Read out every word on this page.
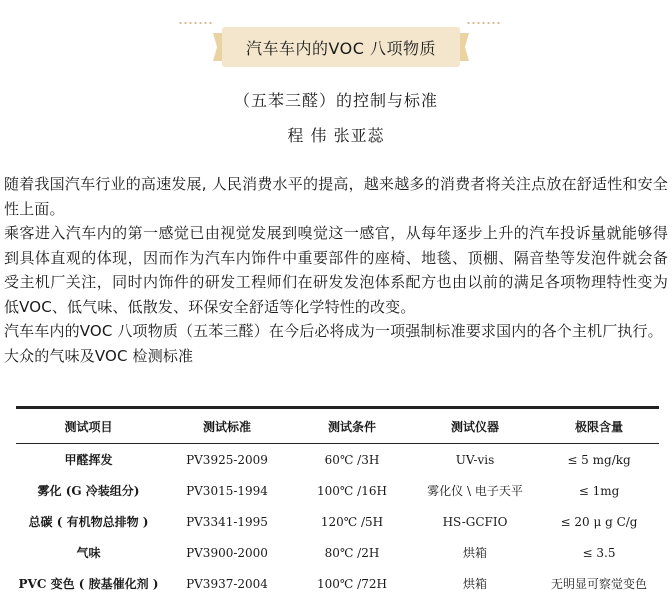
汽车车内的VOC 八项物质
（五苯三醛）的控制与标准
程 伟 张亚蕊

随着我国汽车行业的高速发展, 人民消费水平的提高，越来越多的消费者将关注点放在舒适性和安全性上面。

乘客进入汽车内的第一感觉已由视觉发展到嗅觉这一感官，从每年逐步上升的汽车投诉量就能够得到具体直观的体现，因而作为汽车内饰件中重要部件的座椅、地毯、顶棚、隔音垫等发泡件就会备受主机厂关注，同时内饰件的研发工程师们在研发发泡体系配方也由以前的满足各项物理特性变为低VOC、低气味、低散发、环保安全舒适等化学特性的改变。

汽车车内的VOC 八项物质（五苯三醛）在今后必将成为一项强制标准要求国内的各个主机厂执行。

大众的气味及VOC 检测标准

测试项目	测试标准	测试条件	测试仪器	极限含量
甲醛挥发	PV3925-2009	60℃ /3H	UV-vis	≤ 5 mg/kg
雾化 (G 冷装组分)	PV3015-1994	100℃ /16H	雾化仪 \ 电子天平	≤ 1mg
总碳 ( 有机物总排物 )	PV3341-1995	120℃ /5H	HS-GCFIO	≤ 20 μ g C/g
气味	PV3900-2000	80℃ /2H	烘箱	≤ 3.5
PVC 变色 ( 胺基催化剂 )	PV3937-2004	100℃ /72H	烘箱	无明显可察觉变色
